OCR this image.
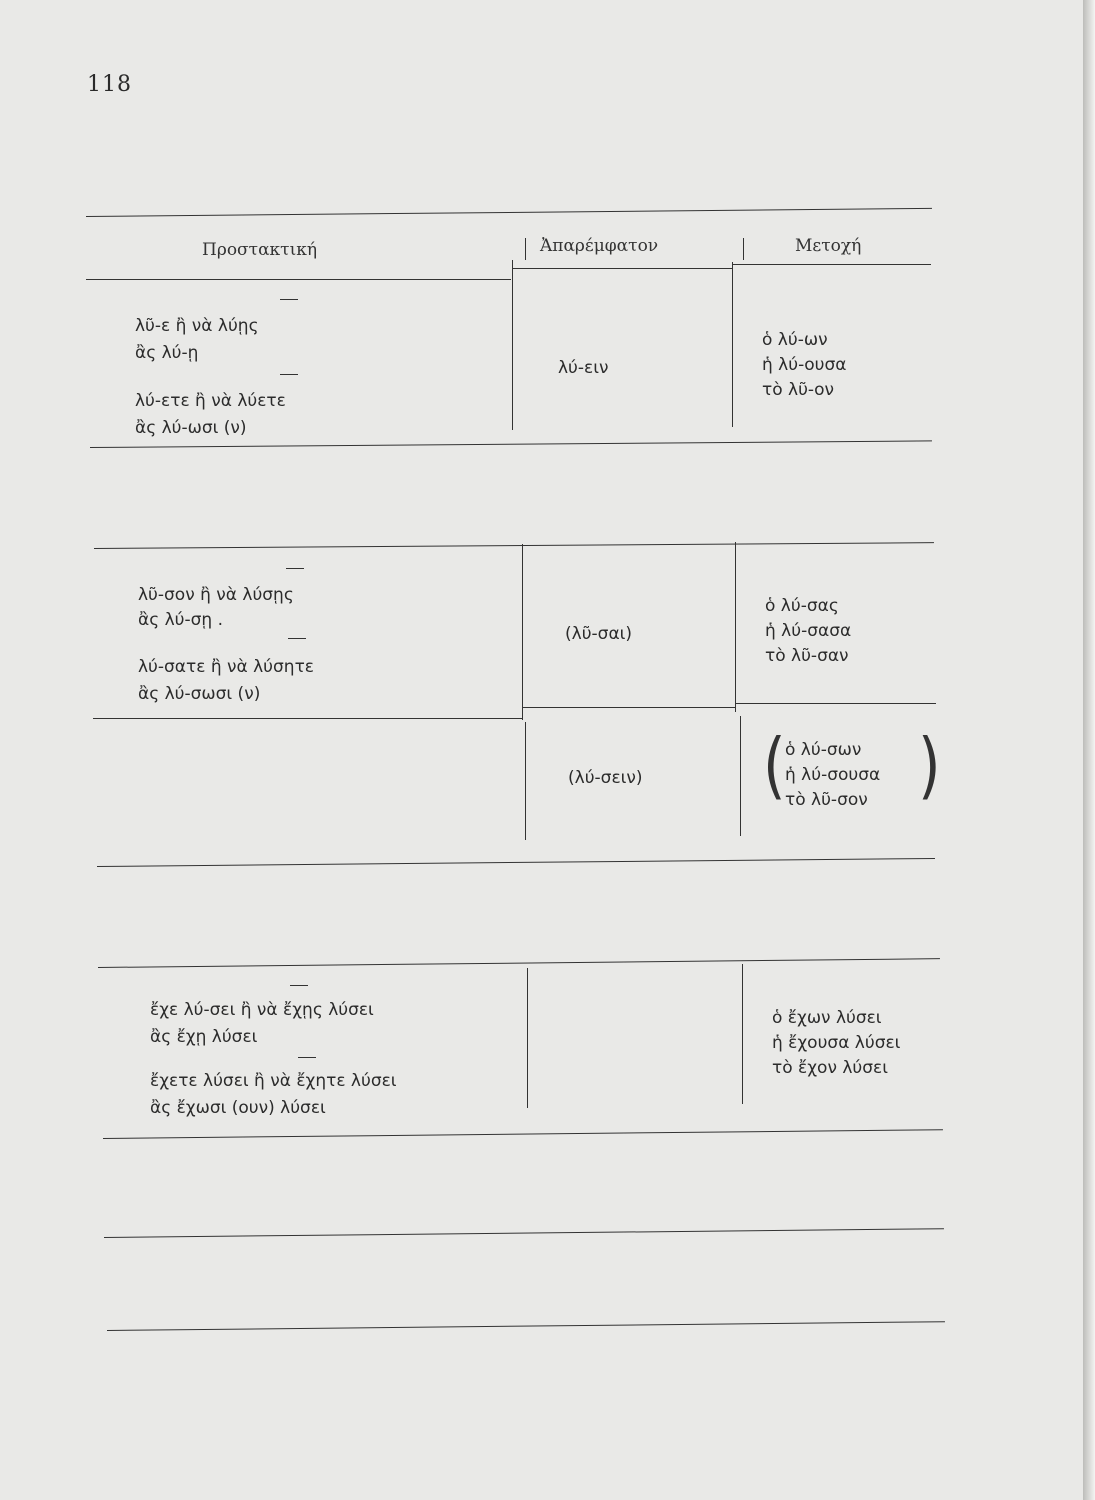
118
Προστακτική	Ἀπαρέμφατον	Μετοχή
λῦ-ε ἢ νὰ λύῃς
ἂς λύ-ῃ
λύ-ετε ἢ νὰ λύετε
ἂς λύ-ωσι (ν)
λύ-ειν
ὁ λύ-ων
ἡ λύ-ουσα
τὸ λῦ-ον
λῦ-σον ἢ νὰ λύσῃς
ἂς λύ-σῃ .
λύ-σατε ἢ νὰ λύσητε
ἂς λύ-σωσι (ν)
(λῦ-σαι)
ὁ λύ-σας
ἡ λύ-σασα
τὸ λῦ-σαν
(λύ-σειν) ( ὁ λύ-σων
ἡ λύ-σουσα
τὸ λῦ-σον )
ἔχε λύ-σει ἢ νὰ ἔχῃς λύσει
ἂς ἔχῃ λύσει
ἔχετε λύσει ἢ νὰ ἔχητε λύσει
ἂς ἔχωσι (ουν) λύσει
ὁ ἔχων λύσει
ἡ ἔχουσα λύσει
τὸ ἔχον λύσει
